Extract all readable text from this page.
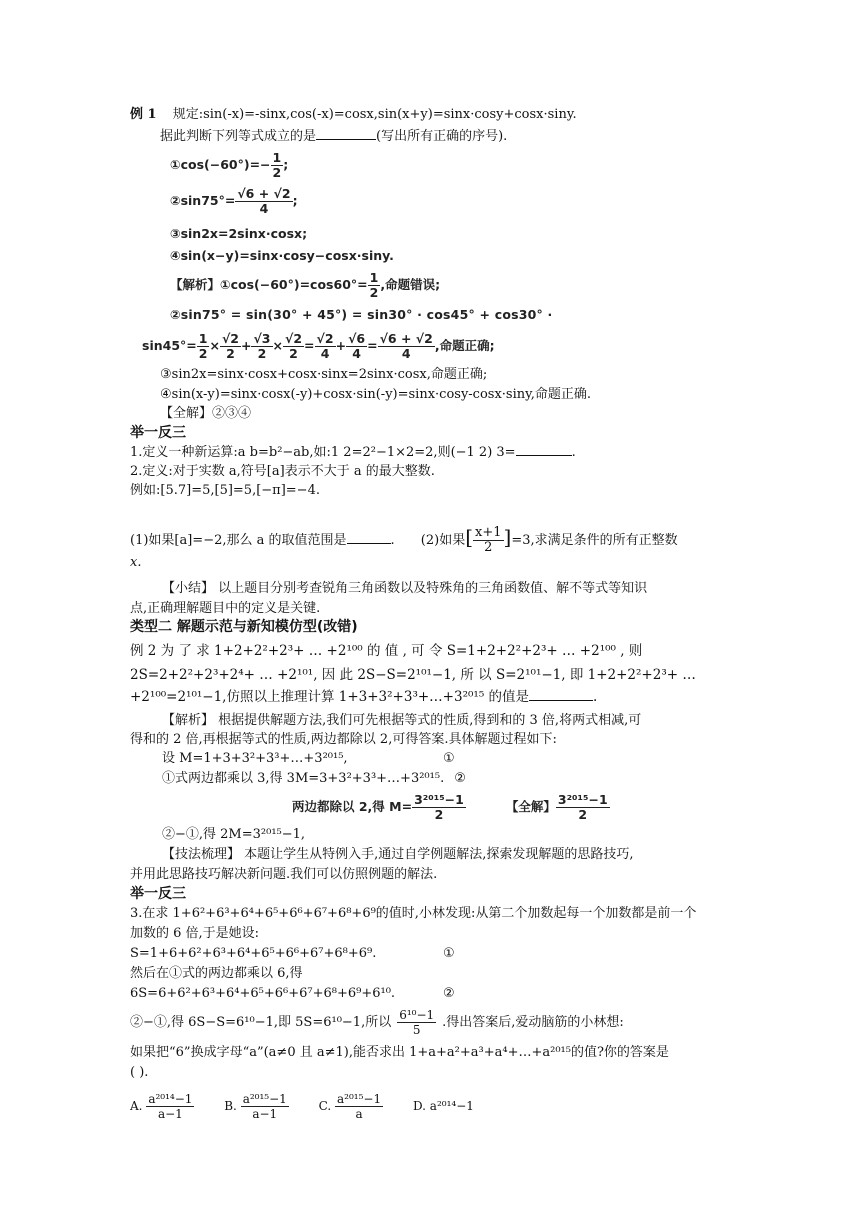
例 1 规定:sin(-x)=-sinx,cos(-x)=cosx,sin(x+y)=sinx·cosy+cosx·siny.
据此判断下列等式成立的是	(写出所有正确的序号).
①cos(−60°)=− $\frac{1}{2}$ ;
②sin75°= $\frac{√6 + √2}{4}$ ;
③sin2x=2sinx·cosx;
④sin(x−y)=sinx·cosy−cosx·siny.
【解析】①cos(−60°)=cos60°= $\frac{1}{2}$ ,命题错误;
②sin75° = sin(30° + 45°) = sin30° · cos45° + cos30° ·
$\sin 45^\circ= \frac{1}{2} \times \frac{√2}{2} + \frac{√3}{2} \times \frac{√2}{2} = \frac{√2}{4} + \frac{√6}{4} = \frac{√6 + √2}{4}$ ,命题正确;
③sin2x=sinx·cosx+cosx·sinx=2sinx·cosx,命题正确;
④sin(x-y)=sinx·cosx(-y)+cosx·sin(-y)=sinx·cosy-cosx·siny,命题正确.
【全解】②③④
举一反三
1.定义一种新运算:a b=b²−ab,如:1 2=2²−1×2=2,则(−1 2) 3=	.
2.定义:对于实数 a,符号[a]表示不大于 a 的最大整数.
例如:[5.7]=5,[5]=5,[−π]=−4.
(1)如果[a]=−2,那么 a 的取值范围是	. (2)如果[ $\frac{x+1}{2} ]=3$,求满足条件的所有正整数
x.
【小结】 以上题目分别考查锐角三角函数以及特殊角的三角函数值、解不等式等知识
点,正确理解题目中的定义是关键.
类型二 解题示范与新知模仿型(改错)
例 2 为 了 求 1+2+2²+2³+ … +2¹⁰⁰ 的 值 , 可 令 S=1+2+2²+2³+ … +2¹⁰⁰ , 则
2S=2+2²+2³+2⁴+ … +2¹⁰¹, 因 此 2S−S=2¹⁰¹−1, 所 以 S=2¹⁰¹−1, 即 1+2+2²+2³+ …
+2¹⁰⁰=2¹⁰¹−1,仿照以上推理计算 1+3+3²+3³+…+3²⁰¹⁵ 的值是	.
【解析】 根据提供解题方法,我们可先根据等式的性质,得到和的 3 倍,将两式相减,可
得和的 2 倍,再根据等式的性质,两边都除以 2,可得答案.具体解题过程如下:
设 M=1+3+3²+3³+…+3²⁰¹⁵,	①
①式两边都乘以 3,得 3M=3+3²+3³+…+3²⁰¹⁵. ②
两边都除以 2,得 $M= \frac{\text{3²⁰¹⁵−1}}{2}$	【全解】 $\frac{\text{3²⁰¹⁵−1}}{2}$
②−①,得 2M=3²⁰¹⁵−1,
【技法梳理】 本题让学生从特例入手,通过自学例题解法,探索发现解题的思路技巧,
并用此思路技巧解决新问题.我们可以仿照例题的解法.
举一反三
3.在求 1+6²+6³+6⁴+6⁵+6⁶+6⁷+6⁸+6⁹的值时,小林发现:从第二个加数起每一个加数都是前一个
加数的 6 倍,于是她设:
S=1+6+6²+6³+6⁴+6⁵+6⁶+6⁷+6⁸+6⁹.	①
然后在①式的两边都乘以 6,得
6S=6+6²+6³+6⁴+6⁵+6⁶+6⁷+6⁸+6⁹+6¹⁰.	②
②−①,得 6S−S=6¹⁰−1,即 5S=6¹⁰−1,所以 $\frac{\text{6¹⁰−1}}{5}$ .得出答案后,爱动脑筋的小林想:
如果把“6”换成字母“a”(a≠0 且 a≠1),能否求出 1+a+a²+a³+a⁴+…+a²⁰¹⁵的值?你的答案是
( ).
A. $\frac{\text{a²⁰¹⁴−1}}{a-1} B$. $\frac{\text{a²⁰¹⁵−1}}{a-1} C$. $\frac{\text{a²⁰¹⁵−1}}{a} D$. a²⁰¹⁴−1
